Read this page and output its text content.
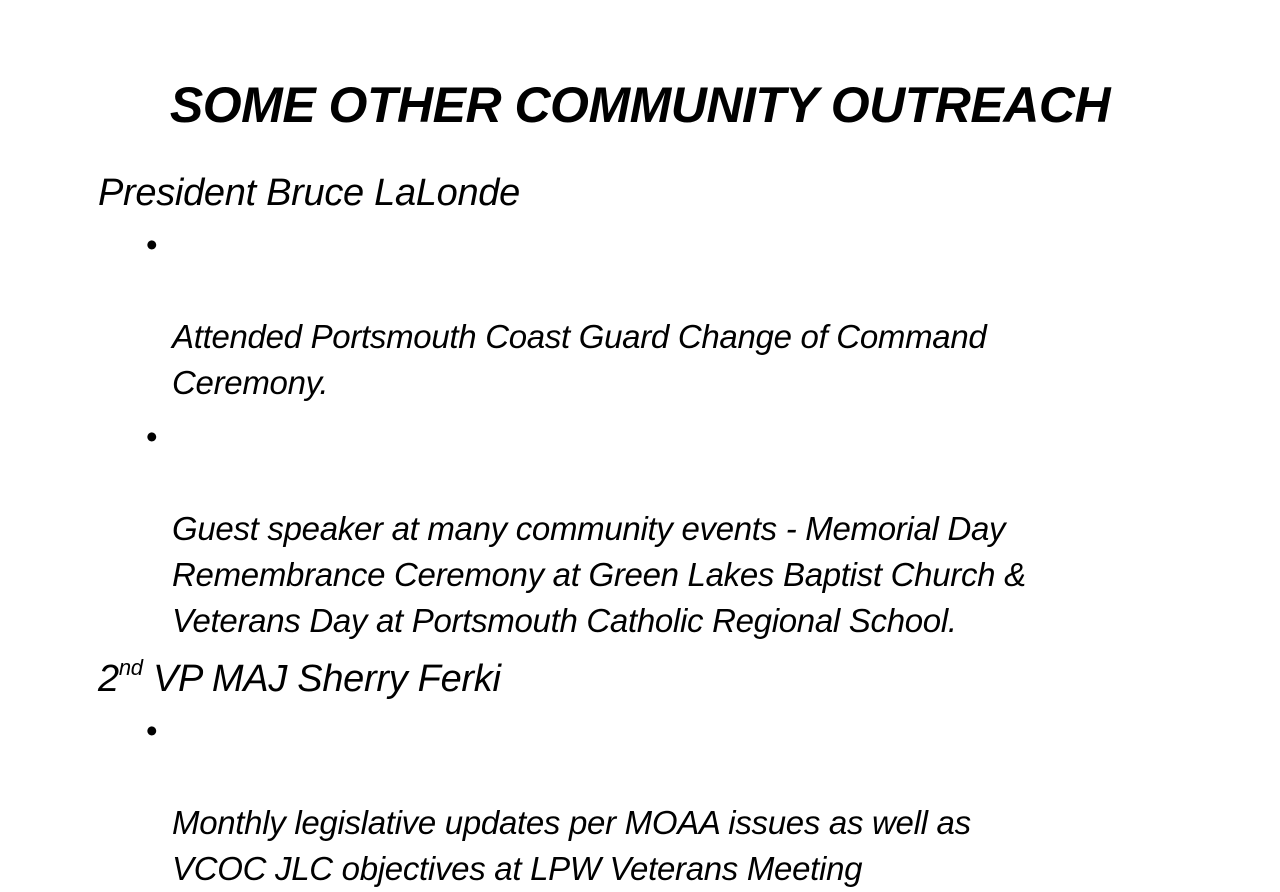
SOME OTHER COMMUNITY OUTREACH

President Bruce LaLonde

•

Attended Portsmouth Coast Guard Change of Command
Ceremony.

•

Guest speaker at many community events - Memorial Day
Remembrance Ceremony at Green Lakes Baptist Church &
Veterans Day at Portsmouth Catholic Regional School.

2nd VP MAJ Sherry Ferki

•

Monthly legislative updates per MOAA issues as well as
VCOC JLC objectives at LPW Veterans Meeting
